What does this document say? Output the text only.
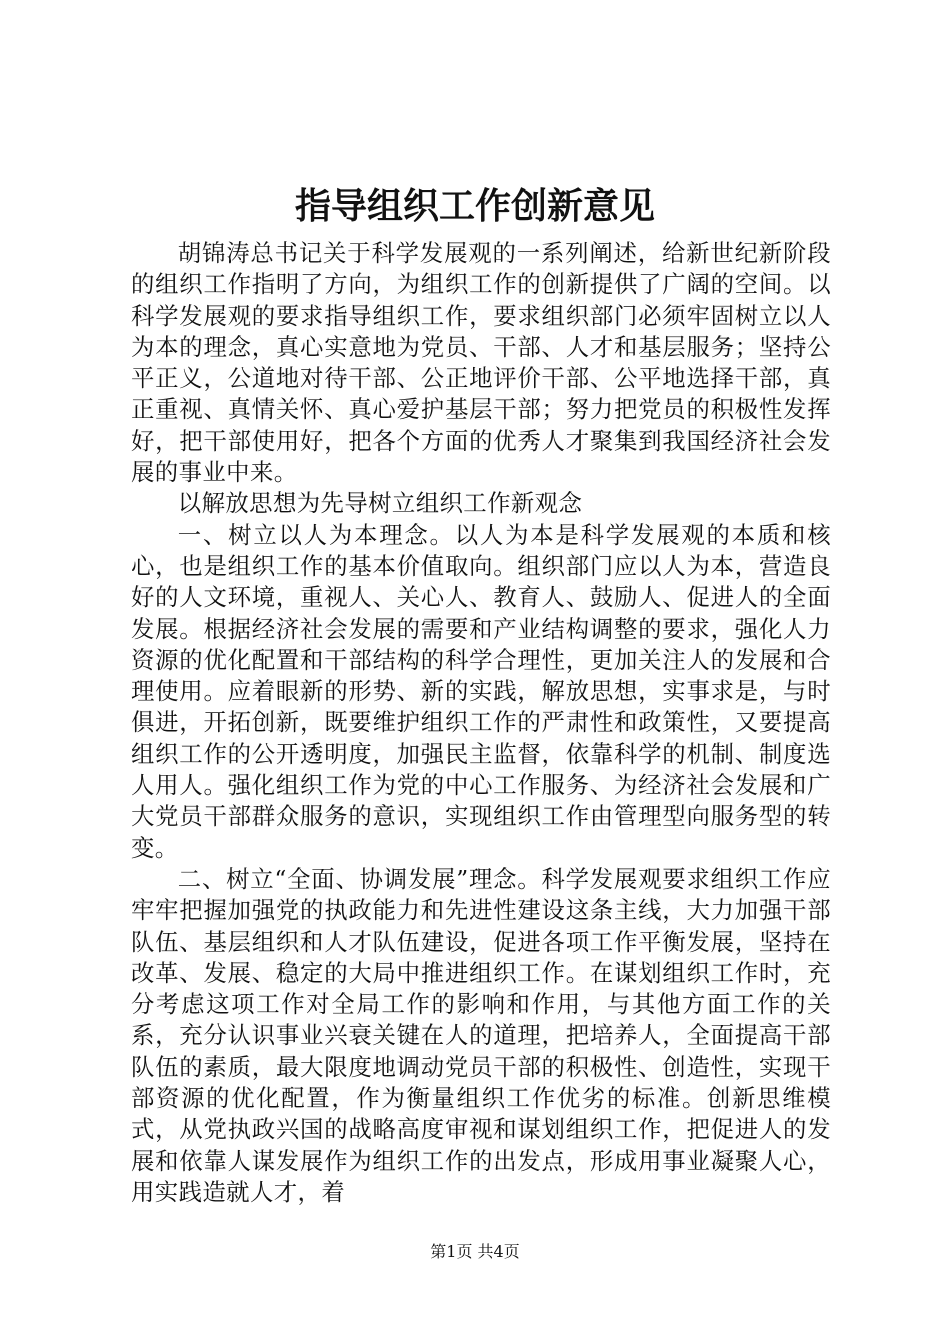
指导组织工作创新意见

胡锦涛总书记关于科学发展观的一系列阐述，给新世纪新阶段的组织工作指明了方向，为组织工作的创新提供了广阔的空间。以科学发展观的要求指导组织工作，要求组织部门必须牢固树立以人为本的理念，真心实意地为党员、干部、人才和基层服务；坚持公平正义，公道地对待干部、公正地评价干部、公平地选择干部，真正重视、真情关怀、真心爱护基层干部；努力把党员的积极性发挥好，把干部使用好，把各个方面的优秀人才聚集到我国经济社会发展的事业中来。

以解放思想为先导树立组织工作新观念

一、树立以人为本理念。以人为本是科学发展观的本质和核心，也是组织工作的基本价值取向。组织部门应以人为本，营造良好的人文环境，重视人、关心人、教育人、鼓励人、促进人的全面发展。根据经济社会发展的需要和产业结构调整的要求，强化人力资源的优化配置和干部结构的科学合理性，更加关注人的发展和合理使用。应着眼新的形势、新的实践，解放思想，实事求是，与时俱进，开拓创新，既要维护组织工作的严肃性和政策性，又要提高组织工作的公开透明度，加强民主监督，依靠科学的机制、制度选人用人。强化组织工作为党的中心工作服务、为经济社会发展和广大党员干部群众服务的意识，实现组织工作由管理型向服务型的转变。

二、树立“全面、协调发展”理念。科学发展观要求组织工作应牢牢把握加强党的执政能力和先进性建设这条主线，大力加强干部队伍、基层组织和人才队伍建设，促进各项工作平衡发展，坚持在改革、发展、稳定的大局中推进组织工作。在谋划组织工作时，充分考虑这项工作对全局工作的影响和作用，与其他方面工作的关系，充分认识事业兴衰关键在人的道理，把培养人，全面提高干部队伍的素质，最大限度地调动党员干部的积极性、创造性，实现干部资源的优化配置，作为衡量组织工作优劣的标准。创新思维模式，从党执政兴国的战略高度审视和谋划组织工作，把促进人的发展和依靠人谋发展作为组织工作的出发点，形成用事业凝聚人心，用实践造就人才，着

第1页 共4页
